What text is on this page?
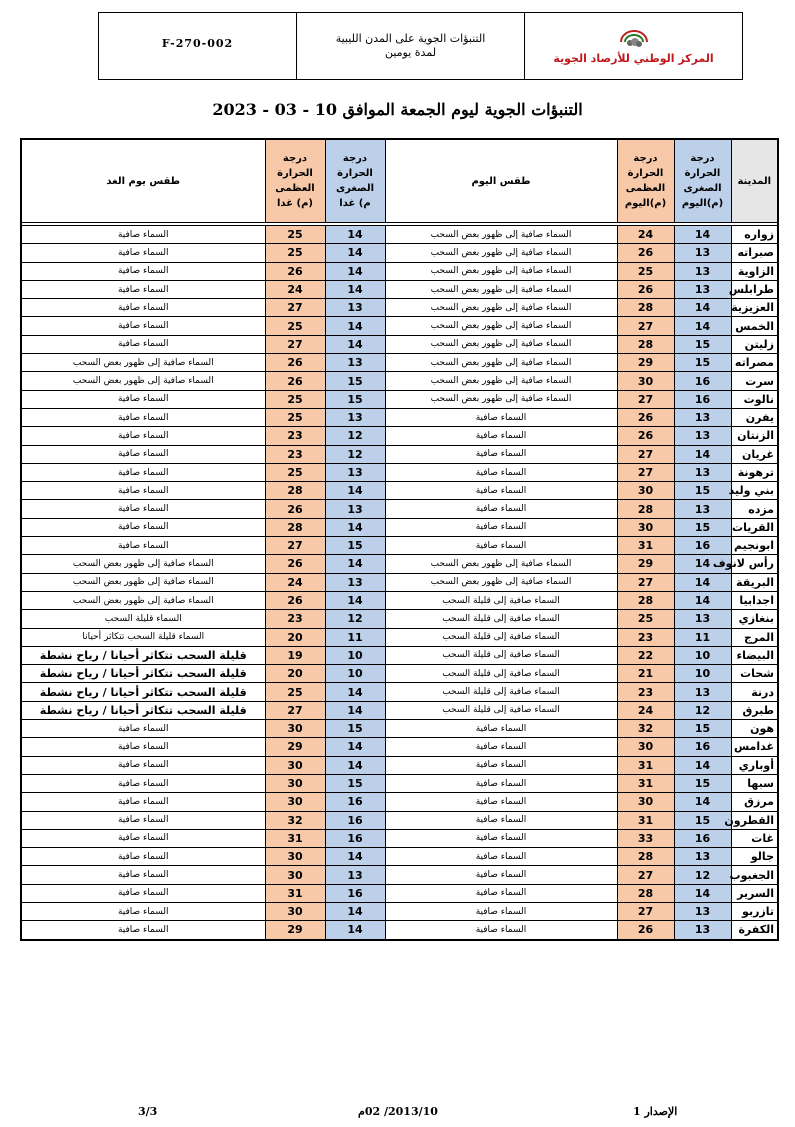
F-270-002	التنبؤات الجوية على المدن الليبية
لمدة يومين	المركز الوطني للأرصاد الجوية
التنبؤات الجوية ليوم الجمعة الموافق 10 - 03 - 2023
المدينة	درجة الحرارة الصغرى (م)اليوم	درجة الحرارة العظمى (م)اليوم	طقس اليوم	درجة الحرارة الصغرى م) غدا	درجة الحرارة العظمى (م) غدا	طقس يوم الغد

زواره	14	24	السماء صافية إلى ظهور بعض السحب	14	25	السماء صافية
صبراته	13	26	السماء صافية إلى ظهور بعض السحب	14	25	السماء صافية
الزاوية	13	25	السماء صافية إلى ظهور بعض السحب	14	26	السماء صافية
طرابلس	13	26	السماء صافية إلى ظهور بعض السحب	14	24	السماء صافية
العزيزية	14	28	السماء صافية إلى ظهور بعض السحب	13	27	السماء صافية
الخمس	14	27	السماء صافية إلى ظهور بعض السحب	14	25	السماء صافية
زليتن	15	28	السماء صافية إلى ظهور بعض السحب	14	27	السماء صافية
مصراته	15	29	السماء صافية إلى ظهور بعض السحب	13	26	السماء صافية إلى ظهور بعض السحب
سرت	16	30	السماء صافية إلى ظهور بعض السحب	15	26	السماء صافية إلى ظهور بعض السحب
نالوت	16	27	السماء صافية إلى ظهور بعض السحب	15	25	السماء صافية
يفرن	13	26	السماء صافية	13	25	السماء صافية
الزنتان	13	26	السماء صافية	12	23	السماء صافية
غريان	14	27	السماء صافية	12	23	السماء صافية
ترهونة	13	27	السماء صافية	13	25	السماء صافية
بني وليد	15	30	السماء صافية	14	28	السماء صافية
مزده	13	28	السماء صافية	13	26	السماء صافية
القريات	15	30	السماء صافية	14	28	السماء صافية
ابونجيم	16	31	السماء صافية	15	27	السماء صافية
رأس لانوف	14	29	السماء صافية إلى ظهور بعض السحب	14	26	السماء صافية إلى ظهور بعض السحب
البريقة	14	27	السماء صافية إلى ظهور بعض السحب	13	24	السماء صافية إلى ظهور بعض السحب
اجدابيا	14	28	السماء صافية إلى قليلة السحب	14	26	السماء صافية إلى ظهور بعض السحب
بنغازي	13	25	السماء صافية إلى قليلة السحب	12	23	السماء قليلة السحب
المرج	11	23	السماء صافية إلى قليلة السحب	11	20	السماء قليلة السحب تتكاثر أحيانا
البيضاء	10	22	السماء صافية إلى قليلة السحب	10	19	قليلة السحب تتكاثر أحيانا / رياح نشطة
شحات	10	21	السماء صافية إلى قليلة السحب	10	20	قليلة السحب تتكاثر أحيانا / رياح نشطة
درنة	13	23	السماء صافية إلى قليلة السحب	14	25	قليلة السحب تتكاثر أحيانا / رياح نشطة
طبرق	12	24	السماء صافية إلى قليلة السحب	14	27	قليلة السحب تتكاثر أحيانا / رياح نشطة
هون	15	32	السماء صافية	15	30	السماء صافية
غدامس	16	30	السماء صافية	14	29	السماء صافية
أوباري	14	31	السماء صافية	14	30	السماء صافية
سبها	15	31	السماء صافية	15	30	السماء صافية
مرزق	14	30	السماء صافية	16	30	السماء صافية
القطرون	15	31	السماء صافية	16	32	السماء صافية
غات	16	33	السماء صافية	16	31	السماء صافية
جالو	13	28	السماء صافية	14	30	السماء صافية
الجغبوب	12	27	السماء صافية	13	30	السماء صافية
السرير	14	28	السماء صافية	16	31	السماء صافية
تازربو	13	27	السماء صافية	14	30	السماء صافية
الكفرة	13	26	السماء صافية	14	29	السماء صافية
3/3	2013/10/ 02م	الإصدار 1
